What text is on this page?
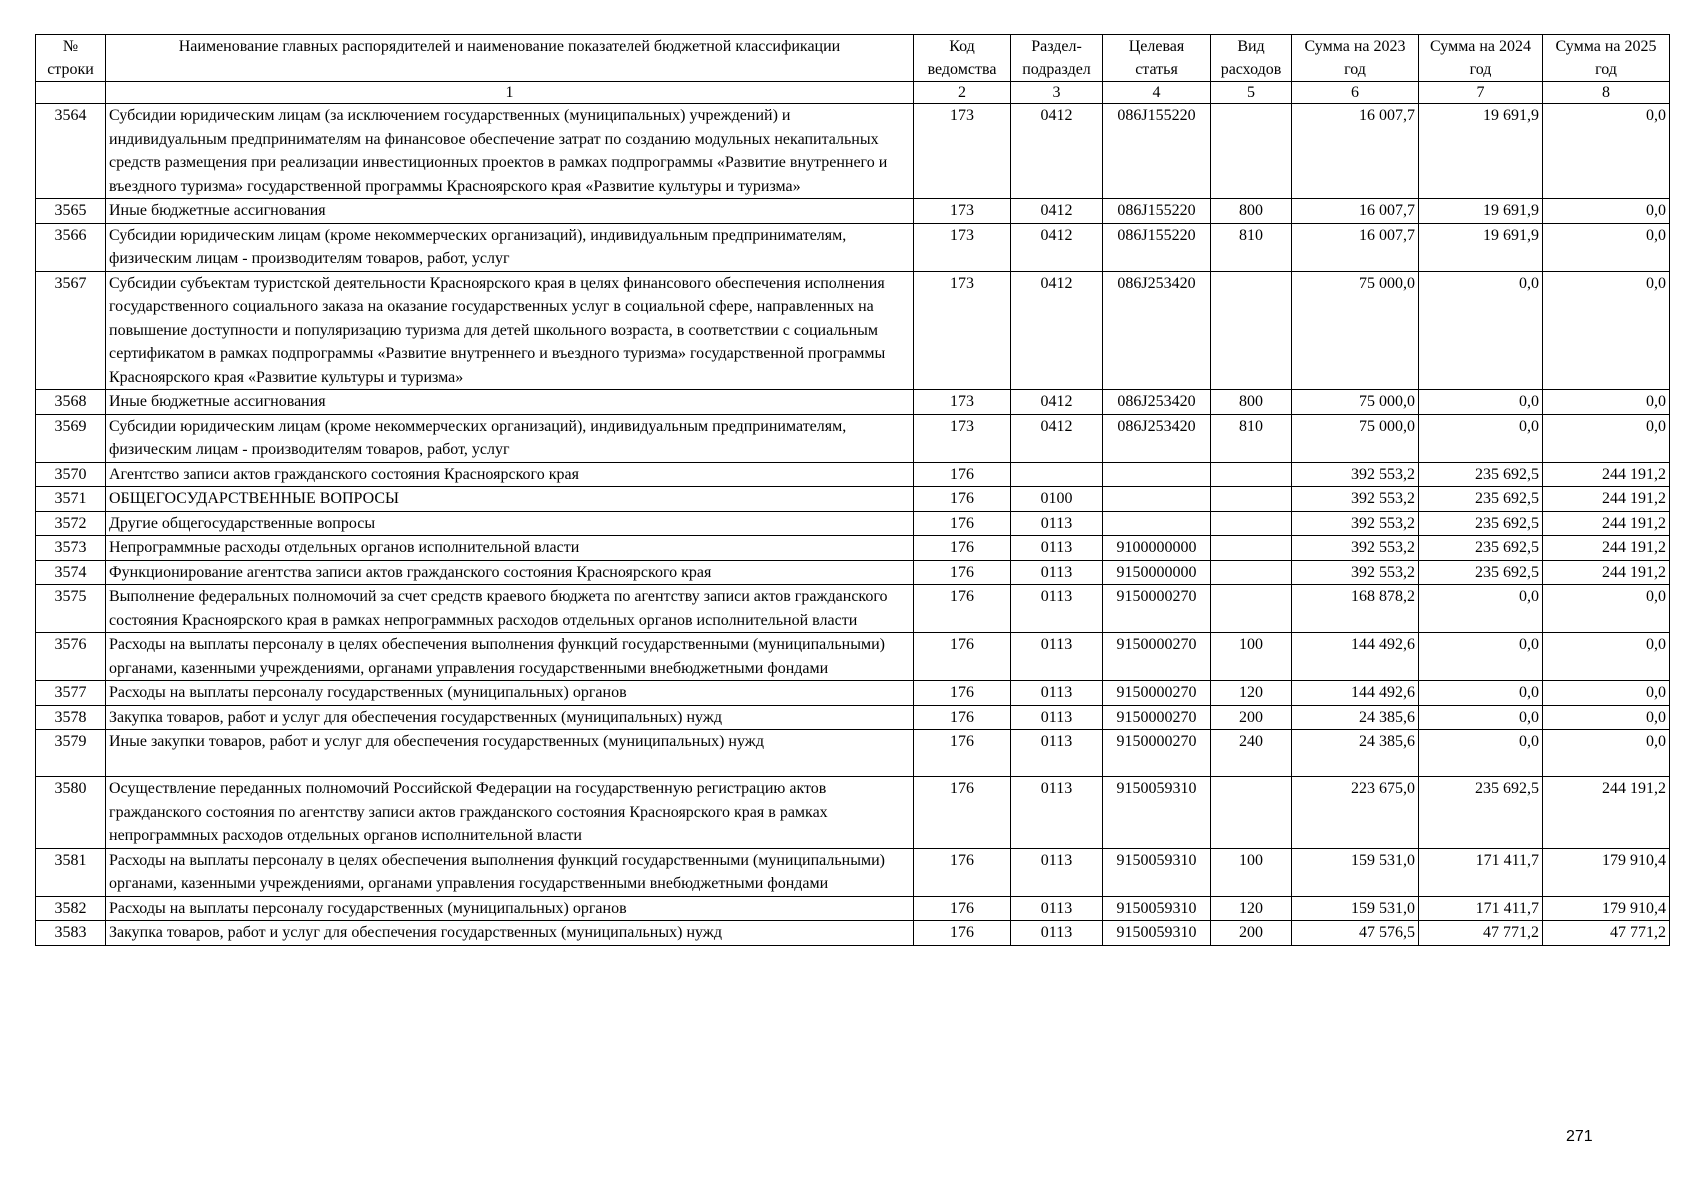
№ строки	Наименование главных распорядителей и наименование показателей бюджетной классификации	Код ведомства	Раздел-подраздел	Целевая статья	Вид расходов	Сумма на 2023 год	Сумма на 2024 год	Сумма на 2025 год
	1	2	3	4	5	6	7	8
3564	Субсидии юридическим лицам (за исключением государственных (муниципальных) учреждений) и индивидуальным предпринимателям на финансовое обеспечение затрат по созданию модульных некапитальных средств размещения при реализации инвестиционных проектов в рамках подпрограммы «Развитие внутреннего и въездного туризма» государственной программы Красноярского края «Развитие культуры и туризма»	173	0412	086J155220		16 007,7	19 691,9	0,0
3565	Иные бюджетные ассигнования	173	0412	086J155220	800	16 007,7	19 691,9	0,0
3566	Субсидии юридическим лицам (кроме некоммерческих организаций), индивидуальным предпринимателям, физическим лицам - производителям товаров, работ, услуг	173	0412	086J155220	810	16 007,7	19 691,9	0,0
3567	Субсидии субъектам туристской деятельности Красноярского края в целях финансового обеспечения исполнения государственного социального заказа на оказание государственных услуг в социальной сфере, направленных на повышение доступности и популяризацию туризма для детей школьного возраста, в соответствии с социальным сертификатом в рамках подпрограммы «Развитие внутреннего и въездного туризма» государственной программы Красноярского края «Развитие культуры и туризма»	173	0412	086J253420		75 000,0	0,0	0,0
3568	Иные бюджетные ассигнования	173	0412	086J253420	800	75 000,0	0,0	0,0
3569	Субсидии юридическим лицам (кроме некоммерческих организаций), индивидуальным предпринимателям, физическим лицам - производителям товаров, работ, услуг	173	0412	086J253420	810	75 000,0	0,0	0,0
3570	Агентство записи актов гражданского состояния Красноярского края	176				392 553,2	235 692,5	244 191,2
3571	ОБЩЕГОСУДАРСТВЕННЫЕ ВОПРОСЫ	176	0100			392 553,2	235 692,5	244 191,2
3572	Другие общегосударственные вопросы	176	0113			392 553,2	235 692,5	244 191,2
3573	Непрограммные расходы отдельных органов исполнительной власти	176	0113	9100000000		392 553,2	235 692,5	244 191,2
3574	Функционирование агентства записи актов гражданского состояния Красноярского края	176	0113	9150000000		392 553,2	235 692,5	244 191,2
3575	Выполнение федеральных полномочий за счет средств краевого бюджета по агентству записи актов гражданского состояния Красноярского края в рамках непрограммных расходов отдельных органов исполнительной власти	176	0113	9150000270		168 878,2	0,0	0,0
3576	Расходы на выплаты персоналу в целях обеспечения выполнения функций государственными (муниципальными) органами, казенными учреждениями, органами управления государственными внебюджетными фондами	176	0113	9150000270	100	144 492,6	0,0	0,0
3577	Расходы на выплаты персоналу государственных (муниципальных) органов	176	0113	9150000270	120	144 492,6	0,0	0,0
3578	Закупка товаров, работ и услуг для обеспечения государственных (муниципальных) нужд	176	0113	9150000270	200	24 385,6	0,0	0,0
3579	Иные закупки товаров, работ и услуг для обеспечения государственных (муниципальных) нужд	176	0113	9150000270	240	24 385,6	0,0	0,0
3580	Осуществление переданных полномочий Российской Федерации на государственную регистрацию актов гражданского состояния по агентству записи актов гражданского состояния Красноярского края в рамках непрограммных расходов отдельных органов исполнительной власти	176	0113	9150059310		223 675,0	235 692,5	244 191,2
3581	Расходы на выплаты персоналу в целях обеспечения выполнения функций государственными (муниципальными) органами, казенными учреждениями, органами управления государственными внебюджетными фондами	176	0113	9150059310	100	159 531,0	171 411,7	179 910,4
3582	Расходы на выплаты персоналу государственных (муниципальных) органов	176	0113	9150059310	120	159 531,0	171 411,7	179 910,4
3583	Закупка товаров, работ и услуг для обеспечения государственных (муниципальных) нужд	176	0113	9150059310	200	47 576,5	47 771,2	47 771,2
271
